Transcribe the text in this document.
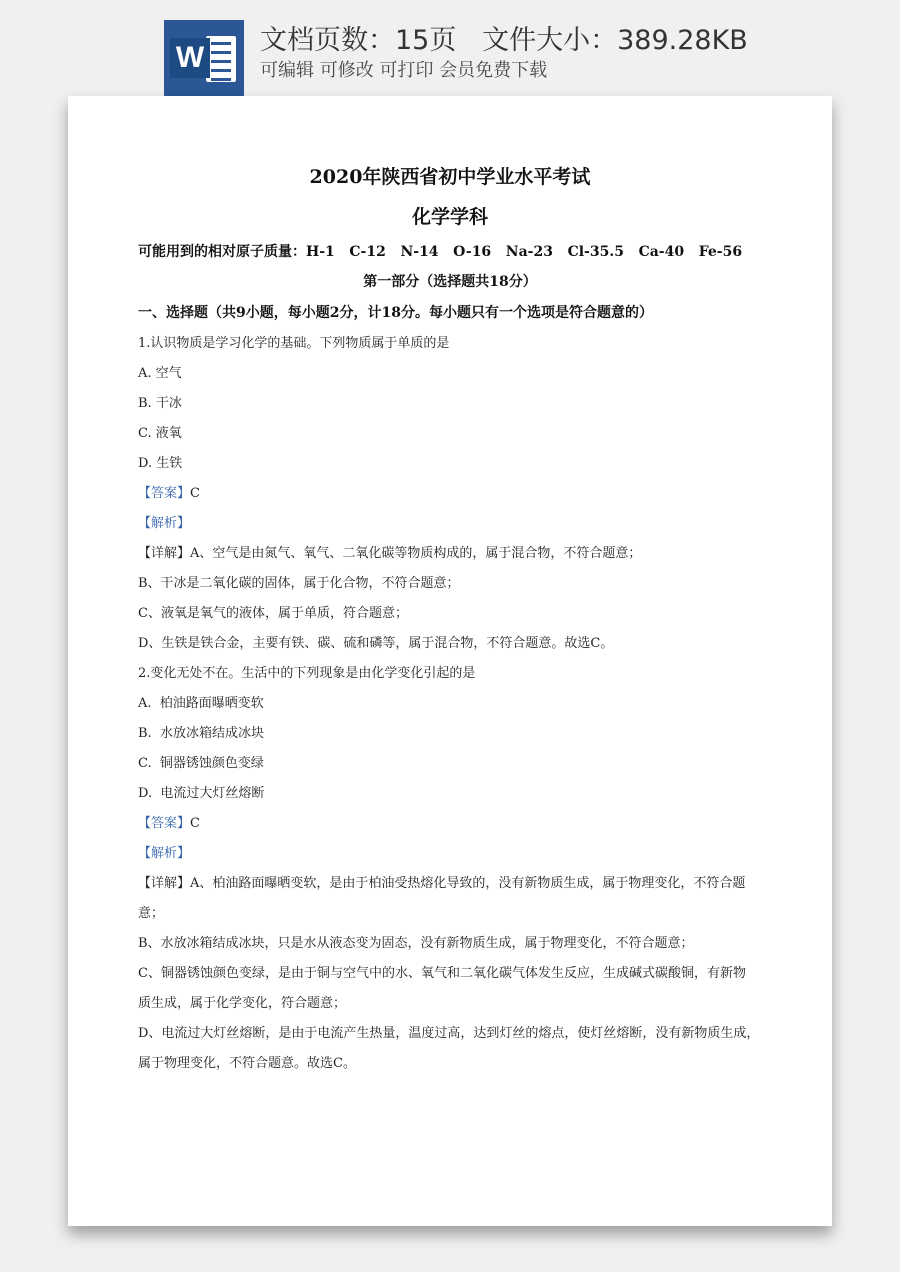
W
文档页数：15页   文件大小：389.28KB
可编辑 可修改 可打印 会员免费下载
2020年陕西省初中学业水平考试
化学学科
可能用到的相对原子质量：H-1   C-12   N-14   O-16   Na-23   Cl-35.5   Ca-40   Fe-56
第一部分（选择题共18分）
一、选择题（共9小题，每小题2分，计18分。每小题只有一个选项是符合题意的）
1.认识物质是学习化学的基础。下列物质属于单质的是
A. 空气
B. 干冰
C. 液氧
D. 生铁
【答案】C
【解析】
【详解】A、空气是由氮气、氧气、二氧化碳等物质构成的，属于混合物，不符合题意；
B、干冰是二氧化碳的固体，属于化合物，不符合题意；
C、液氧是氧气的液体，属于单质，符合题意；
D、生铁是铁合金，主要有铁、碳、硫和磷等，属于混合物，不符合题意。故选C。
2.变化无处不在。生活中的下列现象是由化学变化引起的是
A.  柏油路面曝晒变软
B.  水放冰箱结成冰块
C.  铜器锈蚀颜色变绿
D.  电流过大灯丝熔断
【答案】C
【解析】
【详解】A、柏油路面曝晒变软，是由于柏油受热熔化导致的，没有新物质生成，属于物理变化，不符合题
意；
B、水放冰箱结成冰块，只是水从液态变为固态，没有新物质生成，属于物理变化，不符合题意；
C、铜器锈蚀颜色变绿，是由于铜与空气中的水、氧气和二氧化碳气体发生反应，生成碱式碳酸铜，有新物
质生成，属于化学变化，符合题意；
D、电流过大灯丝熔断，是由于电流产生热量，温度过高，达到灯丝的熔点，使灯丝熔断，没有新物质生成，
属于物理变化，不符合题意。故选C。
